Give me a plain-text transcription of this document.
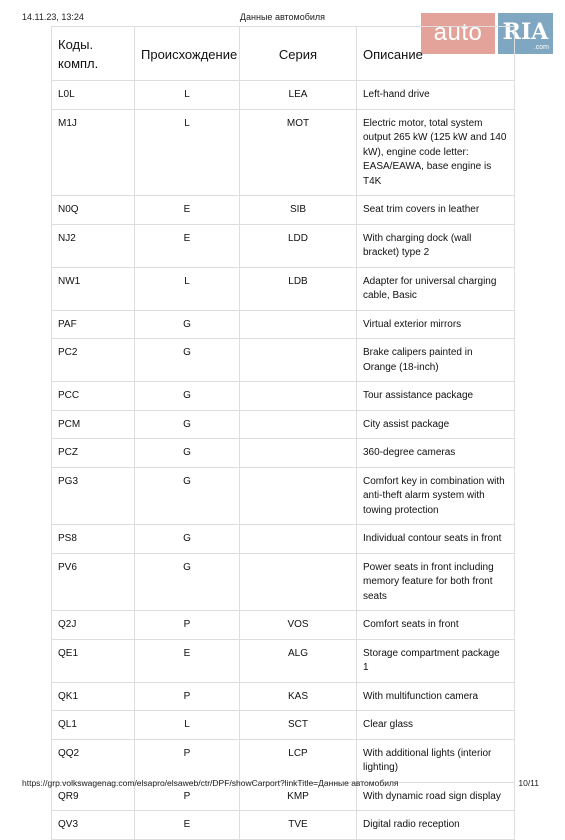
14.11.23, 13:24	Данные автомобиля
auto RIA
.com
Коды. компл.	Происхождение	Серия	Описание
L0L	L	LEA	Left-hand drive
M1J	L	MOT	Electric motor, total system output 265 kW (125 kW and 140 kW), engine code letter: EASA/EAWA, base engine is T4K
N0Q	E	SIB	Seat trim covers in leather
NJ2	E	LDD	With charging dock (wall bracket) type 2
NW1	L	LDB	Adapter for universal charging cable, Basic
PAF	G		Virtual exterior mirrors
PC2	G		Brake calipers painted in Orange (18-inch)
PCC	G		Tour assistance package
PCM	G		City assist package
PCZ	G		360-degree cameras
PG3	G		Comfort key in combination with anti-theft alarm system with towing protection
PS8	G		Individual contour seats in front
PV6	G		Power seats in front including memory feature for both front seats
Q2J	P	VOS	Comfort seats in front
QE1	E	ALG	Storage compartment package 1
QK1	P	KAS	With multifunction camera
QL1	L	SCT	Clear glass
QQ2	P	LCP	With additional lights (interior lighting)
QR9	P	KMP	With dynamic road sign display
QV3	E	TVE	Digital radio reception
https://grp.volkswagenag.com/elsapro/elsaweb/ctr/DPF/showCarport?linkTitle=Данные автомобиля	10/11
